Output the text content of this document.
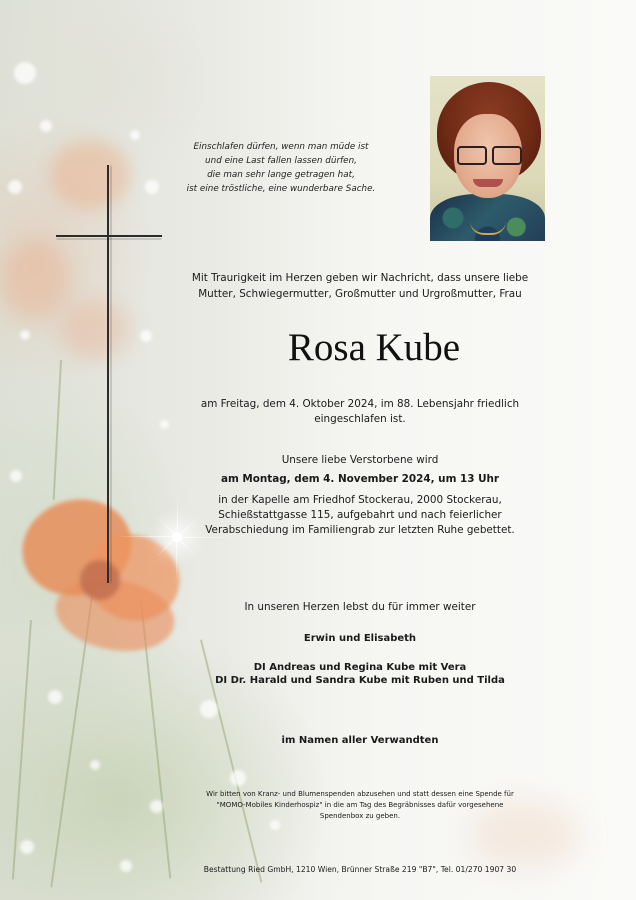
Einschlafen dürfen, wenn man müde ist
und eine Last fallen lassen dürfen,
die man sehr lange getragen hat,
ist eine tröstliche, eine wunderbare Sache.
Mit Traurigkeit im Herzen geben wir Nachricht, dass unsere liebe
Mutter, Schwiegermutter, Großmutter und Urgroßmutter, Frau
Rosa Kube
am Freitag, dem 4. Oktober 2024, im 88. Lebensjahr friedlich
eingeschlafen ist.
Unsere liebe Verstorbene wird
am Montag, dem 4. November 2024, um 13 Uhr
in der Kapelle am Friedhof Stockerau, 2000 Stockerau,
Schießstattgasse 115, aufgebahrt und nach feierlicher
Verabschiedung im Familiengrab zur letzten Ruhe gebettet.
In unseren Herzen lebst du für immer weiter
Erwin und Elisabeth
DI Andreas und Regina Kube mit Vera
DI Dr. Harald und Sandra Kube mit Ruben und Tilda
im Namen aller Verwandten
Wir bitten von Kranz- und Blumenspenden abzusehen und statt dessen eine Spende für
"MOMO-Mobiles Kinderhospiz" in die am Tag des Begräbnisses dafür vorgesehene
Spendenbox zu geben.
Bestattung Ried GmbH, 1210 Wien, Brünner Straße 219 "B7", Tel. 01/270 1907 30
